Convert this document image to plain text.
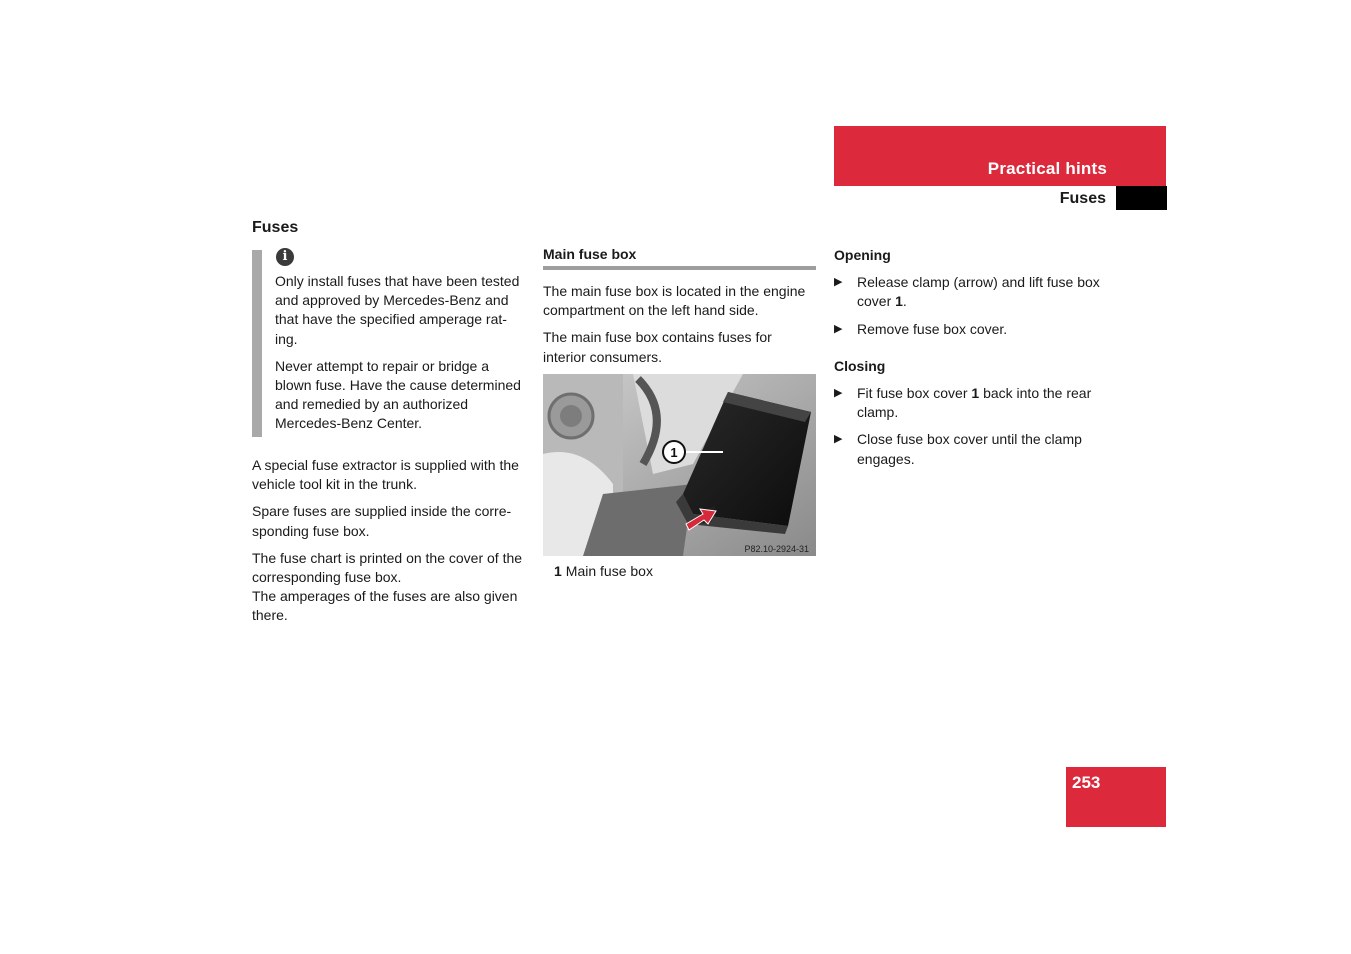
Practical hints
Fuses
Fuses
i

Only install fuses that have been tested and approved by Mercedes-Benz and that have the specified amperage rat-ing.

Never attempt to repair or bridge a blown fuse. Have the cause determined and remedied by an authorized Mercedes-Benz Center.

A special fuse extractor is supplied with the vehicle tool kit in the trunk.

Spare fuses are supplied inside the corre-sponding fuse box.

The fuse chart is printed on the cover of the corresponding fuse box.

The amperages of the fuses are also given there.

Main fuse box

The main fuse box is located in the engine compartment on the left hand side.

The main fuse box contains fuses for interior consumers.

1
P82.10-2924-31
1 Main fuse box
Opening
▶ Release clamp (arrow) and lift fuse box cover 1.
▶ Remove fuse box cover.
Closing
▶ Fit fuse box cover 1 back into the rear clamp.
▶ Close fuse box cover until the clamp engages.
253
